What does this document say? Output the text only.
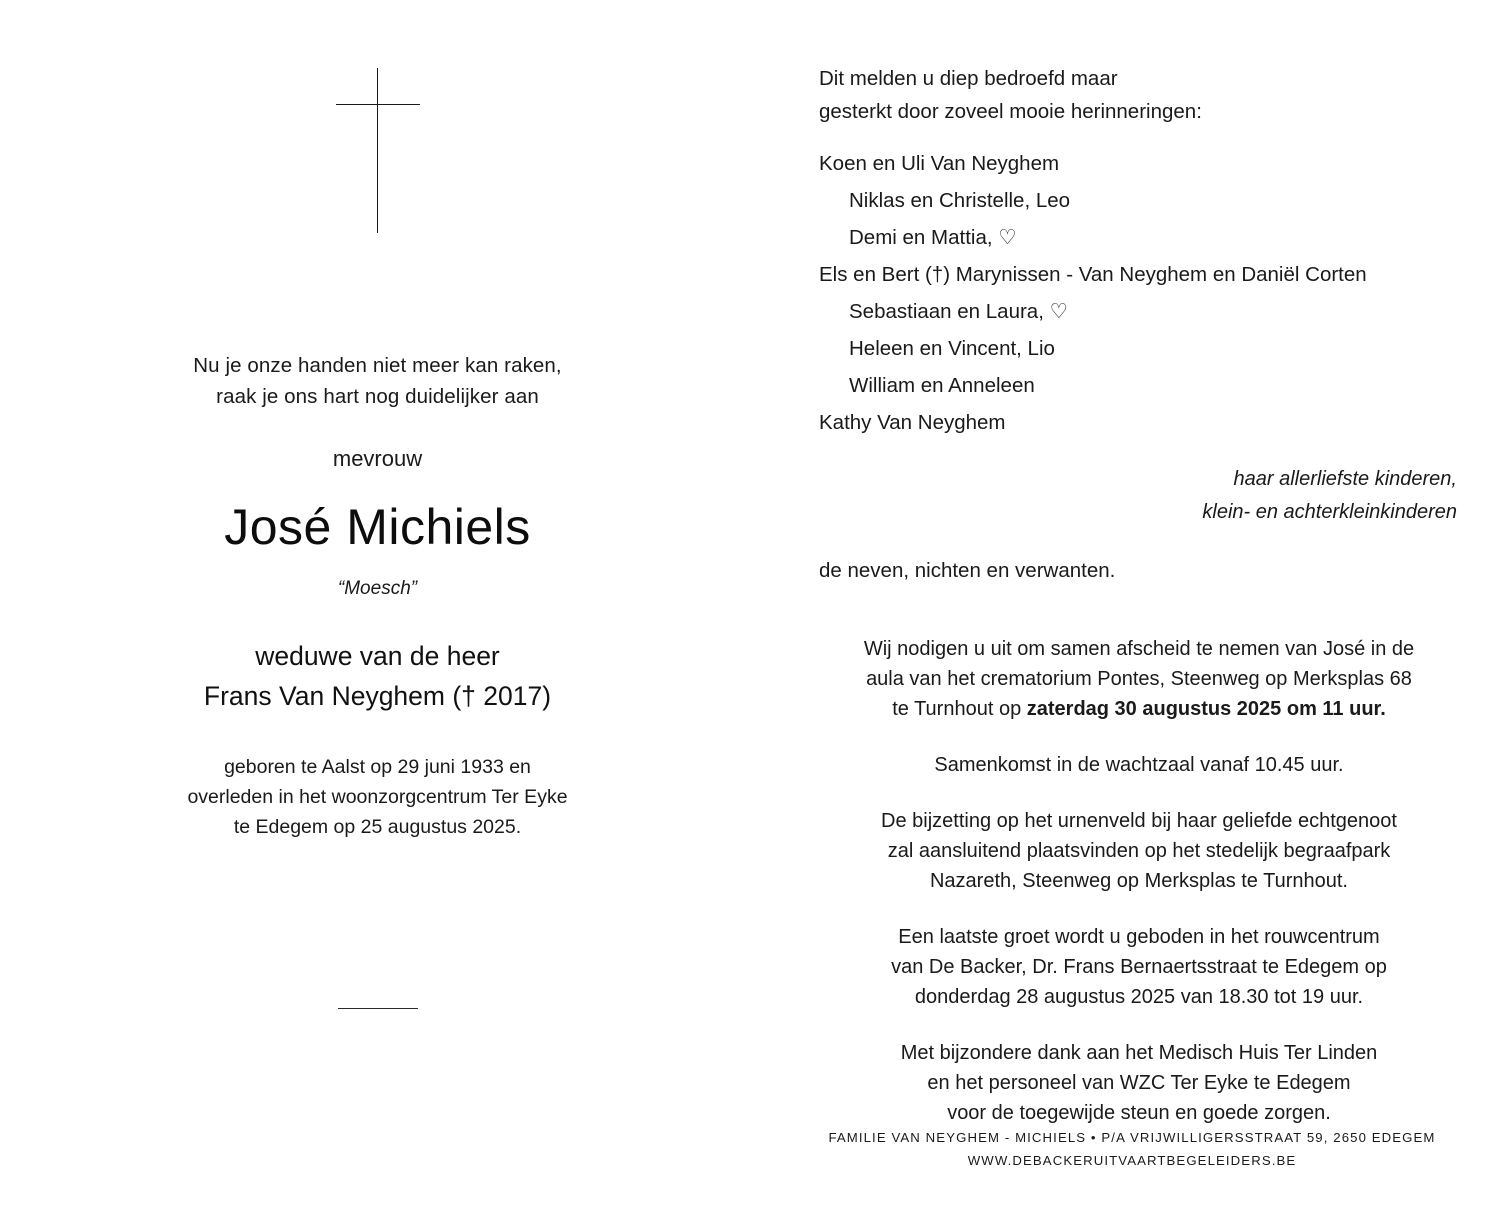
Nu je onze handen niet meer kan raken,
raak je ons hart nog duidelijker aan
mevrouw
José Michiels
“Moesch”
weduwe van de heer
Frans Van Neyghem († 2017)
geboren te Aalst op 29 juni 1933 en
overleden in het woonzorgcentrum Ter Eyke
te Edegem op 25 augustus 2025.
Dit melden u diep bedroefd maar
gesterkt door zoveel mooie herinneringen:
Koen en Uli Van Neyghem
Niklas en Christelle, Leo
Demi en Mattia, ♡
Els en Bert (†) Marynissen - Van Neyghem en Daniël Corten
Sebastiaan en Laura, ♡
Heleen en Vincent, Lio
William en Anneleen
Kathy Van Neyghem
haar allerliefste kinderen,
klein- en achterkleinkinderen
de neven, nichten en verwanten.
Wij nodigen u uit om samen afscheid te nemen van José in de
aula van het crematorium Pontes, Steenweg op Merksplas 68
te Turnhout op zaterdag 30 augustus 2025 om 11 uur.
Samenkomst in de wachtzaal vanaf 10.45 uur.
De bijzetting op het urnenveld bij haar geliefde echtgenoot
zal aansluitend plaatsvinden op het stedelijk begraafpark
Nazareth, Steenweg op Merksplas te Turnhout.
Een laatste groet wordt u geboden in het rouwcentrum
van De Backer, Dr. Frans Bernaertsstraat te Edegem op
donderdag 28 augustus 2025 van 18.30 tot 19 uur.
Met bijzondere dank aan het Medisch Huis Ter Linden
en het personeel van WZC Ter Eyke te Edegem
voor de toegewijde steun en goede zorgen.
FAMILIE VAN NEYGHEM - MICHIELS • P/A VRIJWILLIGERSSTRAAT 59, 2650 EDEGEM
WWW.DEBACKERUITVAARTBEGELEIDERS.BE
